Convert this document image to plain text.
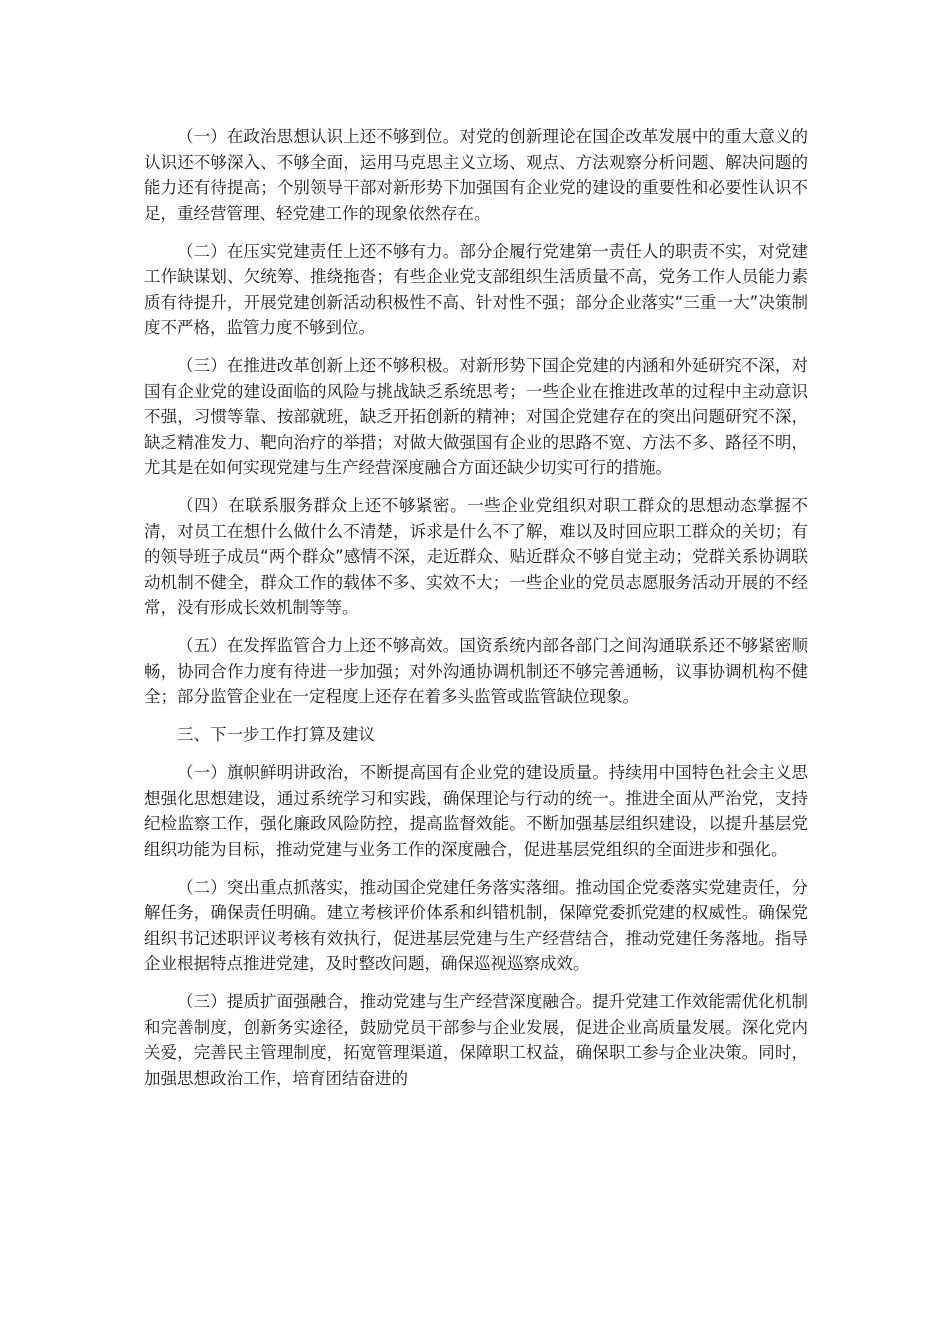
（一）在政治思想认识上还不够到位。对党的创新理论在国企改革发展中的重大意义的认识还不够深入、不够全面，运用马克思主义立场、观点、方法观察分析问题、解决问题的能力还有待提高；个别领导干部对新形势下加强国有企业党的建设的重要性和必要性认识不足，重经营管理、轻党建工作的现象依然存在。

（二）在压实党建责任上还不够有力。部分企履行党建第一责任人的职责不实，对党建工作缺谋划、欠统筹、推绕拖沓；有些企业党支部组织生活质量不高，党务工作人员能力素质有待提升，开展党建创新活动积极性不高、针对性不强；部分企业落实“三重一大”决策制度不严格，监管力度不够到位。

（三）在推进改革创新上还不够积极。对新形势下国企党建的内涵和外延研究不深，对国有企业党的建设面临的风险与挑战缺乏系统思考；一些企业在推进改革的过程中主动意识不强，习惯等靠、按部就班，缺乏开拓创新的精神；对国企党建存在的突出问题研究不深，缺乏精准发力、靶向治疗的举措；对做大做强国有企业的思路不宽、方法不多、路径不明，尤其是在如何实现党建与生产经营深度融合方面还缺少切实可行的措施。

（四）在联系服务群众上还不够紧密。一些企业党组织对职工群众的思想动态掌握不清，对员工在想什么做什么不清楚，诉求是什么不了解，难以及时回应职工群众的关切；有的领导班子成员“两个群众”感情不深，走近群众、贴近群众不够自觉主动；党群关系协调联动机制不健全，群众工作的载体不多、实效不大；一些企业的党员志愿服务活动开展的不经常，没有形成长效机制等等。

（五）在发挥监管合力上还不够高效。国资系统内部各部门之间沟通联系还不够紧密顺畅，协同合作力度有待进一步加强；对外沟通协调机制还不够完善通畅，议事协调机构不健全；部分监管企业在一定程度上还存在着多头监管或监管缺位现象。

三、下一步工作打算及建议

（一）旗帜鲜明讲政治，不断提高国有企业党的建设质量。持续用中国特色社会主义思想强化思想建设，通过系统学习和实践，确保理论与行动的统一。推进全面从严治党，支持纪检监察工作，强化廉政风险防控，提高监督效能。不断加强基层组织建设，以提升基层党组织功能为目标，推动党建与业务工作的深度融合，促进基层党组织的全面进步和强化。

（二）突出重点抓落实，推动国企党建任务落实落细。推动国企党委落实党建责任，分解任务，确保责任明确。建立考核评价体系和纠错机制，保障党委抓党建的权威性。确保党组织书记述职评议考核有效执行，促进基层党建与生产经营结合，推动党建任务落地。指导企业根据特点推进党建，及时整改问题，确保巡视巡察成效。

（三）提质扩面强融合，推动党建与生产经营深度融合。提升党建工作效能需优化机制和完善制度，创新务实途径，鼓励党员干部参与企业发展，促进企业高质量发展。深化党内关爱，完善民主管理制度，拓宽管理渠道，保障职工权益，确保职工参与企业决策。同时，加强思想政治工作，培育团结奋进的
